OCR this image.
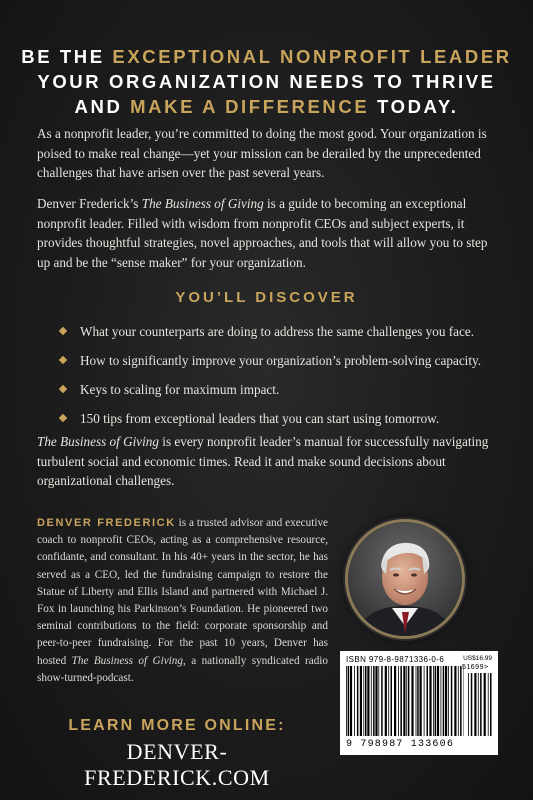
BE THE EXCEPTIONAL NONPROFIT LEADER
YOUR ORGANIZATION NEEDS TO THRIVE
AND MAKE A DIFFERENCE TODAY.

As a nonprofit leader, you’re committed to doing the most good. Your organization is poised to make real change—yet your mission can be derailed by the unprecedented challenges that have arisen over the past several years.

Denver Frederick’s The Business of Giving is a guide to becoming an exceptional nonprofit leader. Filled with wisdom from nonprofit CEOs and subject experts, it provides thoughtful strategies, novel approaches, and tools that will allow you to step up and be the “sense maker” for your organization.

YOU’LL DISCOVER
What your counterparts are doing to address the same challenges you face.
How to significantly improve your organization’s problem-solving capacity.
Keys to scaling for maximum impact.
150 tips from exceptional leaders that you can start using tomorrow.

The Business of Giving is every nonprofit leader’s manual for successfully navigating turbulent social and economic times. Read it and make sound decisions about organizational challenges.

DENVER FREDERICK is a trusted advisor and executive coach to nonprofit CEOs, acting as a comprehensive resource, confidante, and consultant. In his 40+ years in the sector, he has served as a CEO, led the fundraising campaign to restore the Statue of Liberty and Ellis Island and partnered with Michael J. Fox in launching his Parkinson’s Foundation. He pioneered two seminal contributions to the field: corporate sponsorship and peer-to-peer fundraising. For the past 10 years, Denver has hosted The Business of Giving, a nationally syndicated radio show-turned-podcast.

ISBN 979-8-9871336-0-6	US$16.99
51699>
9 798987 133606
LEARN MORE ONLINE:
DENVER-FREDERICK.COM
